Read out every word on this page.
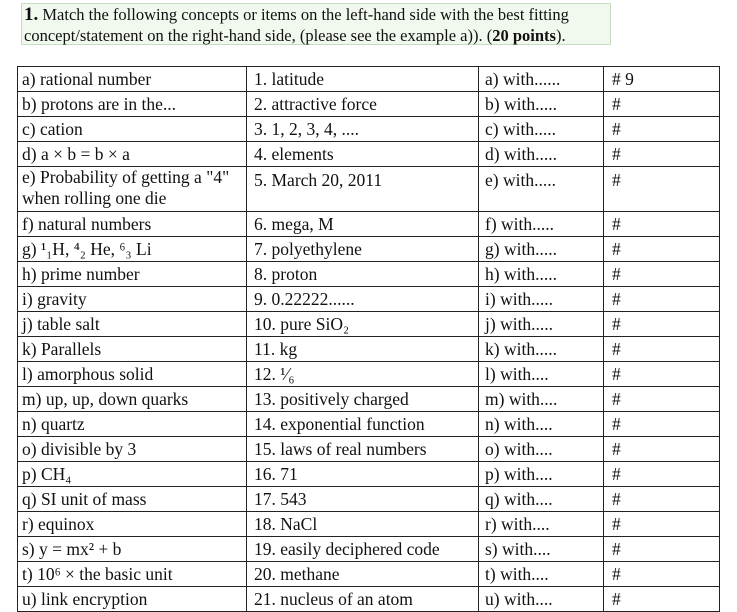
1. Match the following concepts or items on the left-hand side with the best fitting concept/statement on the right-hand side, (please see the example a)). (20 points).
a) rational number	1. latitude	a) with......	# 9
b) protons are in the...	2. attractive force	b) with.....	#
c) cation	3. 1, 2, 3, 4, ....	c) with.....	#
d) a × b = b × a	4. elements	d) with.....	#
e) Probability of getting a "4" when rolling one die	5. March 20, 2011	e) with.....	#
f) natural numbers	6. mega, M	f) with.....	#
g) ¹₁H, ⁴₂ He, ⁶₃ Li	7. polyethylene	g) with.....	#
h) prime number	8. proton	h) with.....	#
i) gravity	9. 0.22222......	i) with.....	#
j) table salt	10. pure SiO₂	j) with.....	#
k) Parallels	11. kg	k) with.....	#
l) amorphous solid	12. ¹⁄₆	l) with....	#
m) up, up, down quarks	13. positively charged	m) with....	#
n) quartz	14. exponential function	n) with....	#
o) divisible by 3	15. laws of real numbers	o) with....	#
p) CH₄	16. 71	p) with....	#
q) SI unit of mass	17. 543	q) with....	#
r) equinox	18. NaCl	r) with....	#
s) y = mx² + b	19. easily deciphered code	s) with....	#
t) 10⁶ × the basic unit	20. methane	t) with....	#
u) link encryption	21. nucleus of an atom	u) with....	#
